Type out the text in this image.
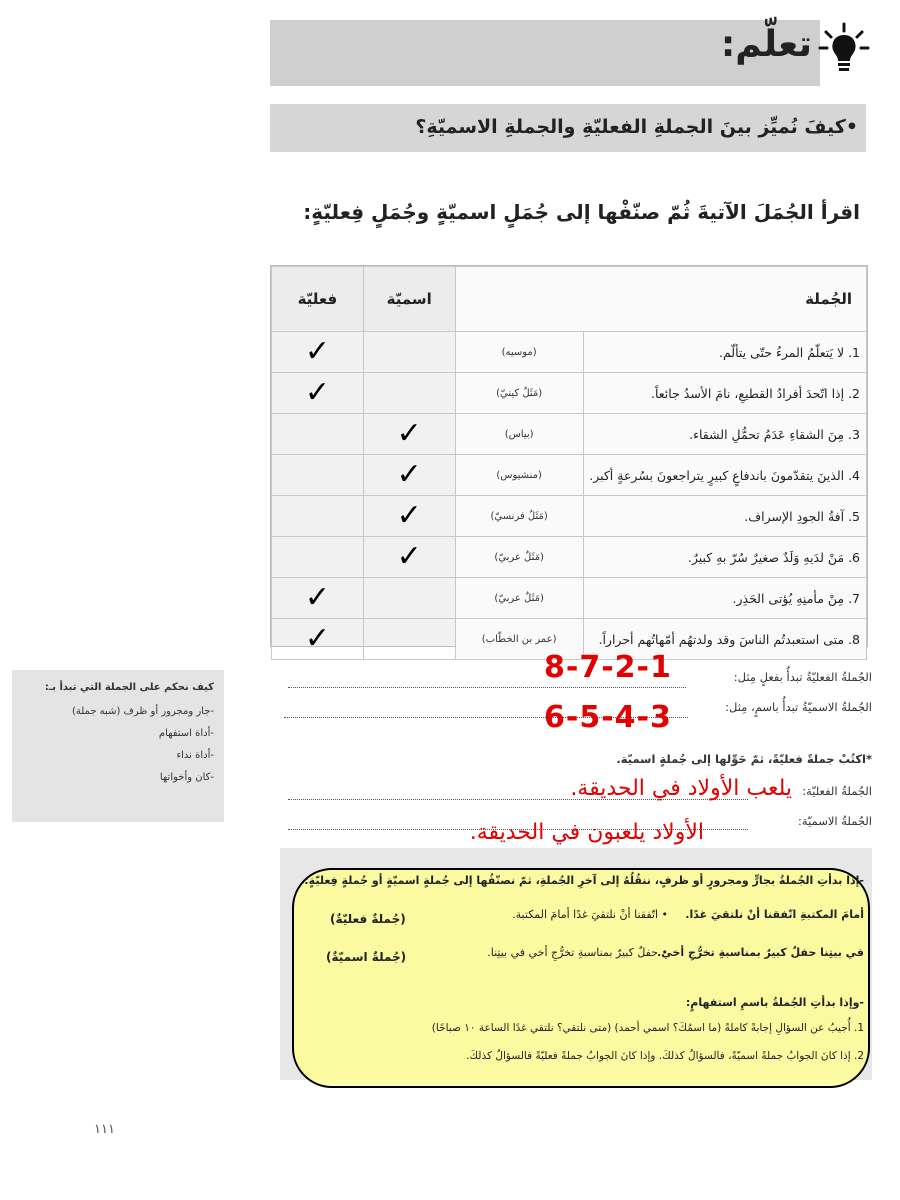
تعلّم:
•كيفَ نُميِّز بينَ الجملةِ الفعليّةِ والجملةِ الاسميّةِ؟
اقرأ الجُمَلَ الآتيةَ ثُمّ صنّفْها إلى جُمَلٍ اسميّةٍ وجُمَلٍ فِعليّةٍ:
الجُملة		اسميّة	فعليّة
1. لا يَتعلّمُ المرءُ حتّى يتألّم.	(موسيه)		✓
2. إذا اتّحدَ أفرادُ القطيعِ، نامَ الأسدُ جائعاً.	(مَثَلٌ كينيّ)		✓
3. مِنَ الشقاءِ عَدَمُ تحمُّلِ الشقاء.	(بياس)	✓	
4. الذينَ يتقدّمونَ باندفاعٍ كبيرٍ يتراجعونَ بسُرعةٍ أكبر.	(منشيوس)	✓	
5. آفةُ الجودِ الإسراف.	(مَثَلٌ فرنسيّ)	✓	
6. مَنْ لدَيهِ وَلَدٌ صغيرٌ سُرّ بهِ كبيرٌ.	(مَثَلٌ عربيّ)	✓	
7. مِنْ مأمنِهِ يُؤتى الحَذِر.	(مَثَلٌ عربيّ)		✓
8. متى استعبدتُم الناسَ وقد ولدتهُم أمّهاتُهم أحراراً.	(عمر بن الخطّاب)		✓
الجُملةُ الفعليّةُ تبدأُ بفعلٍ مِثل:
8-7-2-1
الجُملةُ الاسميّةُ تبدأُ باسمٍ، مِثل:
6-5-4-3
*اكتُبْ جملةً فعليّةً، ثمّ حَوِّلها إلى جُملةٍ اسميّة.
الجُملةُ الفعليّة:
يلعب الأولاد في الحديقة.
الجُملةُ الاسميّة:
الأولاد يلعبون في الحديقة.
كيف نحكم على الجملة التي تبدأ بـ:
-جار ومجرور أو ظرف (شبه جملة)
-أداة استفهام
-أداة نداء
-كان وأخواتها
-إذا بدأتِ الجُملةُ بجارٍّ ومجرورٍ أو ظرفٍ، ننقُلُهُ إلى آخرِ الجُملةِ، ثمّ نصنّفُها إلى جُملةٍ اسميّةٍ أو جُملةٍ فِعليّةٍ:
أمامَ المكتبةِ اتّفقنا أنْ نلتقيَ غدًا.
• اتّفقنا أنْ نلتقيَ غدًا أمامَ المكتبة.
(جُملةٌ فعليّةٌ)
في بيتِنا حفلٌ كبيرٌ بمناسبةِ تخرُّجِ أخي.
• حفلٌ كبيرٌ بمناسبةِ تخرُّجِ أخي في بيتِنا.
(جُملةٌ اسميّةٌ)
-وإذا بدأتِ الجُملةُ باسمِ استفهامٍ:
1. أُجيبُ عن السؤالِ إجابةً كاملةً (ما اسمُكَ؟ اسمي أحمد) (متى نلتقي؟ نلتقي غدًا الساعة ١٠ صباحًا)
2. إذا كانَ الجوابُ جملةً اسميّةً، فالسؤالُ كذلكَ. وإذا كانَ الجوابُ جملةً فعليّةً فالسؤالُ كذلكَ.
١١١
